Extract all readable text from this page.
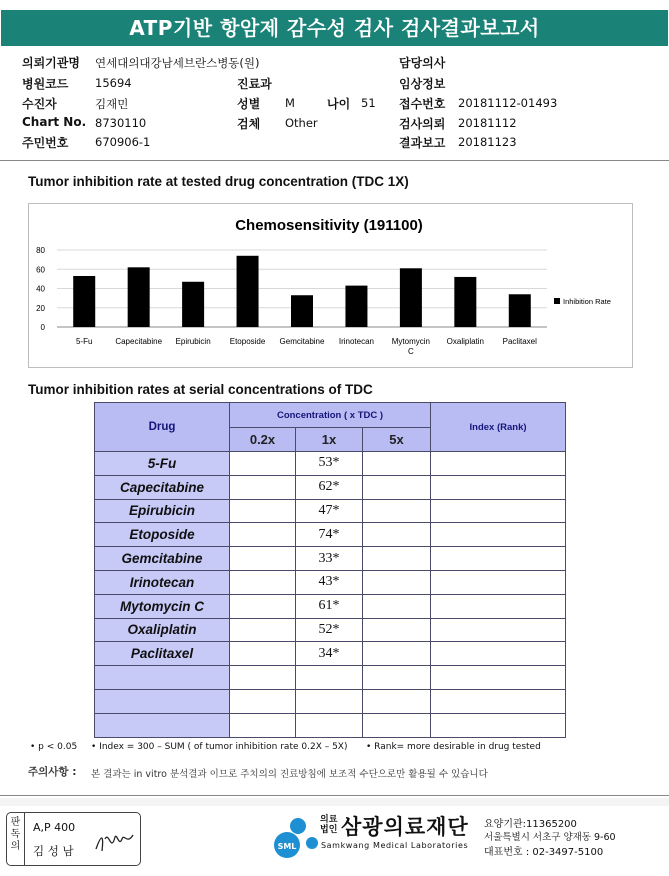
ATP기반 항암제 감수성 검사 검사결과보고서
의뢰기관명 연세대의대강남세브란스병동(원)
병원코드 15694	진료과
수진자	김재민	성별 M	나이 51
Chart No. 8730110	검체 Other
주민번호 670906-1
담당의사
임상정보
접수번호 20181112-01493
검사의뢰 20181112
결과보고 20181123
Tumor inhibition rate at tested drug concentration (TDC 1X)
Chemosensitivity (191100)
0
20
40
60
80
5-Fu	Capecitabine Epirubicin Etoposide Gemcitabine Irinotecan Mytomycin C
Oxaliplatin Paclitaxel
Inhibition Rate
Tumor inhibition rates at serial concentrations of TDC
Drug	Concentration ( x TDC )			Index (Rank)
	0.2x	1x	5x	
5-Fu		53*		
Capecitabine		62*		
Epirubicin		47*		
Etoposide		74*		
Gemcitabine		33*		
Irinotecan		43*		
Mytomycin C		61*		
Oxaliplatin		52*		
Paclitaxel		34*		

• p < 0.05 • Index = 300 – SUM ( of tumor inhibition rate 0.2X – 5X) • Rank= more desirable in drug tested
주의사항 : 본 결과는 in vitro 분석결과 이므로 주치의의 진료방침에 보조적 수단으로만 활용될 수 있습니다
판독의
A,P 400
김 성 남	SML
의료법인 삼광의료재단
Samkwang Medical Laboratories
요양기관:11365200
서울특별시 서초구 양재동 9-60
대표번호 : 02-3497-5100
